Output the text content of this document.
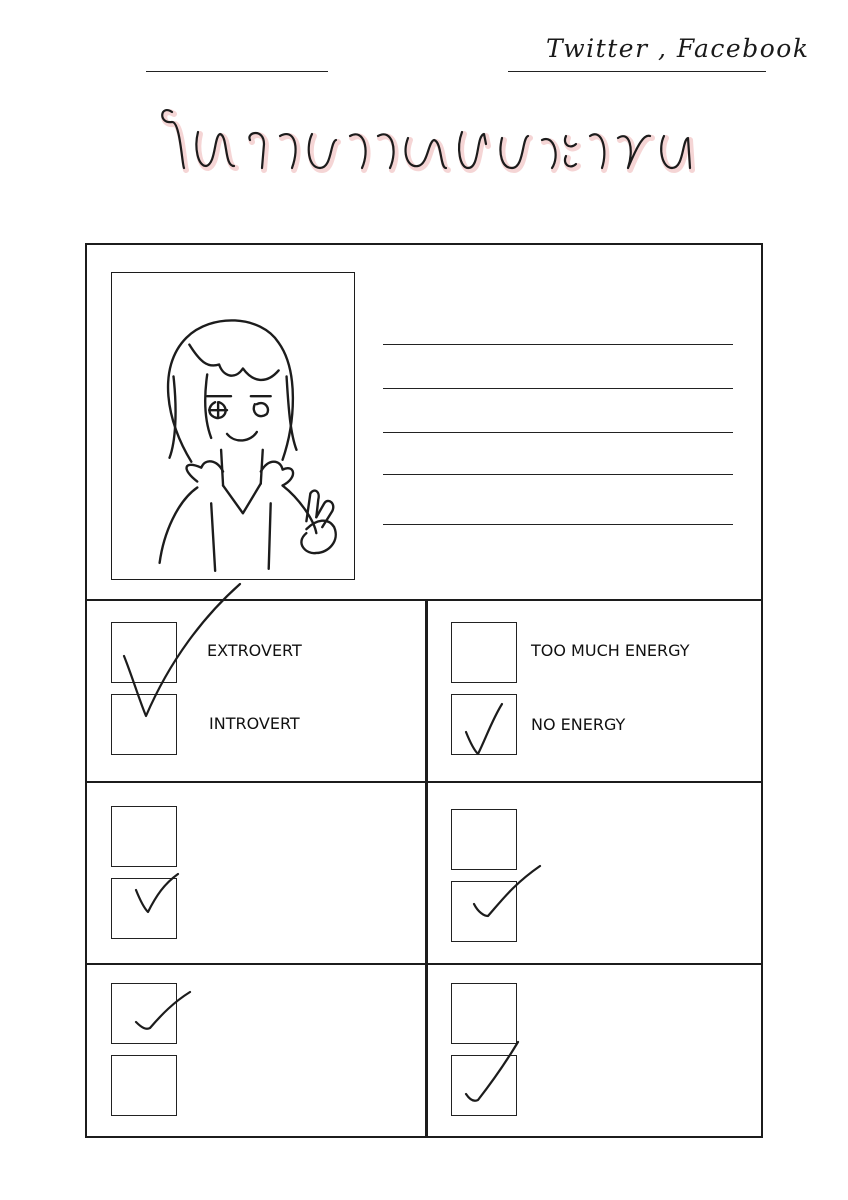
Twitter , Facebook
EXTROVERT
INTROVERT
TOO MUCH ENERGY
NO ENERGY
